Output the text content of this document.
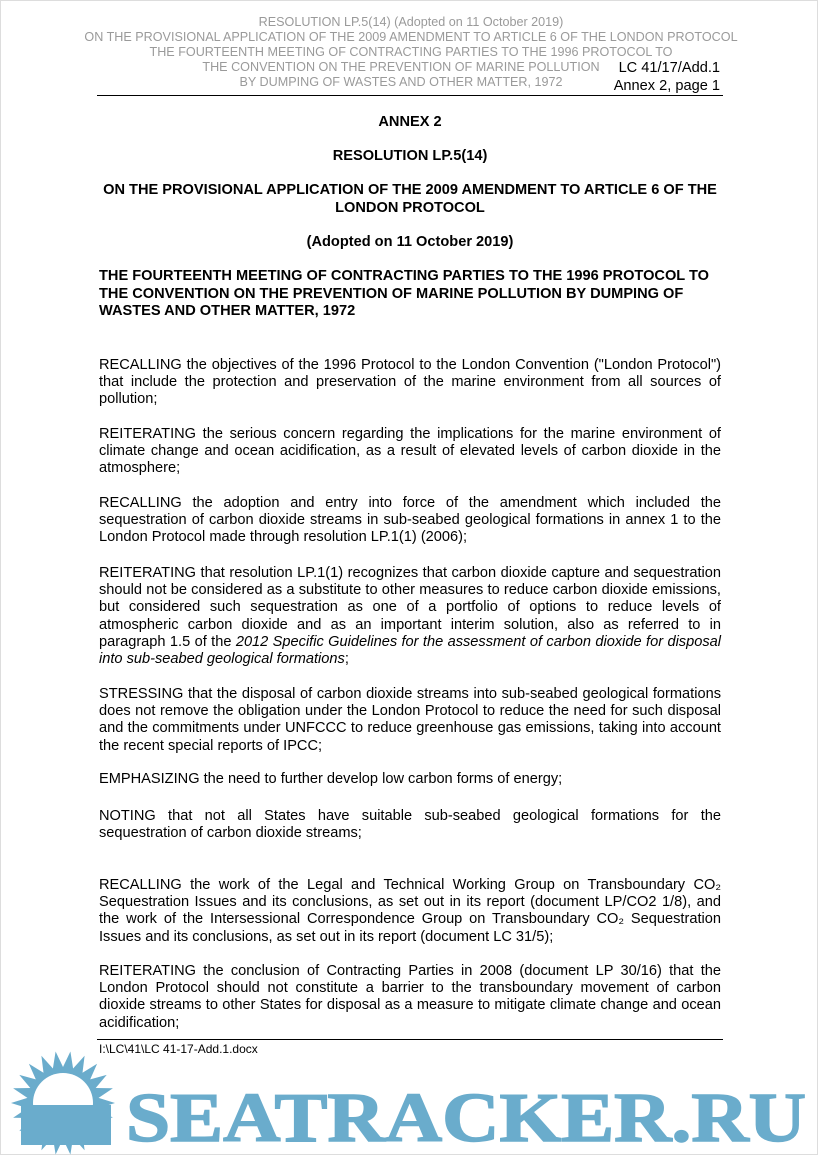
RESOLUTION LP.5(14) (Adopted on 11 October 2019)
ON THE PROVISIONAL APPLICATION OF THE 2009 AMENDMENT TO ARTICLE 6 OF THE LONDON PROTOCOL
THE FOURTEENTH MEETING OF CONTRACTING PARTIES TO THE 1996 PROTOCOL TO
THE CONVENTION ON THE PREVENTION OF MARINE POLLUTION
BY DUMPING OF WASTES AND OTHER MATTER, 1972
LC 41/17/Add.1
Annex 2, page 1
ANNEX 2
RESOLUTION LP.5(14)
ON THE PROVISIONAL APPLICATION OF THE 2009 AMENDMENT TO ARTICLE 6 OF THE LONDON PROTOCOL
(Adopted on 11 October 2019)
THE FOURTEENTH MEETING OF CONTRACTING PARTIES TO THE 1996 PROTOCOL TO THE CONVENTION ON THE PREVENTION OF MARINE POLLUTION BY DUMPING OF WASTES AND OTHER MATTER, 1972
RECALLING the objectives of the 1996 Protocol to the London Convention ("London Protocol") that include the protection and preservation of the marine environment from all sources of pollution;
REITERATING the serious concern regarding the implications for the marine environment of climate change and ocean acidification, as a result of elevated levels of carbon dioxide in the atmosphere;
RECALLING the adoption and entry into force of the amendment which included the sequestration of carbon dioxide streams in sub-seabed geological formations in annex 1 to the London Protocol made through resolution LP.1(1) (2006);
REITERATING that resolution LP.1(1) recognizes that carbon dioxide capture and sequestration should not be considered as a substitute to other measures to reduce carbon dioxide emissions, but considered such sequestration as one of a portfolio of options to reduce levels of atmospheric carbon dioxide and as an important interim solution, also as referred to in paragraph 1.5 of the 2012 Specific Guidelines for the assessment of carbon dioxide for disposal into sub-seabed geological formations;
STRESSING that the disposal of carbon dioxide streams into sub-seabed geological formations does not remove the obligation under the London Protocol to reduce the need for such disposal and the commitments under UNFCCC to reduce greenhouse gas emissions, taking into account the recent special reports of IPCC;
EMPHASIZING the need to further develop low carbon forms of energy;
NOTING that not all States have suitable sub-seabed geological formations for the sequestration of carbon dioxide streams;
RECALLING the work of the Legal and Technical Working Group on Transboundary CO₂ Sequestration Issues and its conclusions, as set out in its report (document LP/CO2 1/8), and the work of the Intersessional Correspondence Group on Transboundary CO₂ Sequestration Issues and its conclusions, as set out in its report (document LC 31/5);
REITERATING the conclusion of Contracting Parties in 2008 (document LP 30/16) that the London Protocol should not constitute a barrier to the transboundary movement of carbon dioxide streams to other States for disposal as a measure to mitigate climate change and ocean acidification;
SEATRACKER.RU
I:\LC\41\LC 41-17-Add.1.docx
